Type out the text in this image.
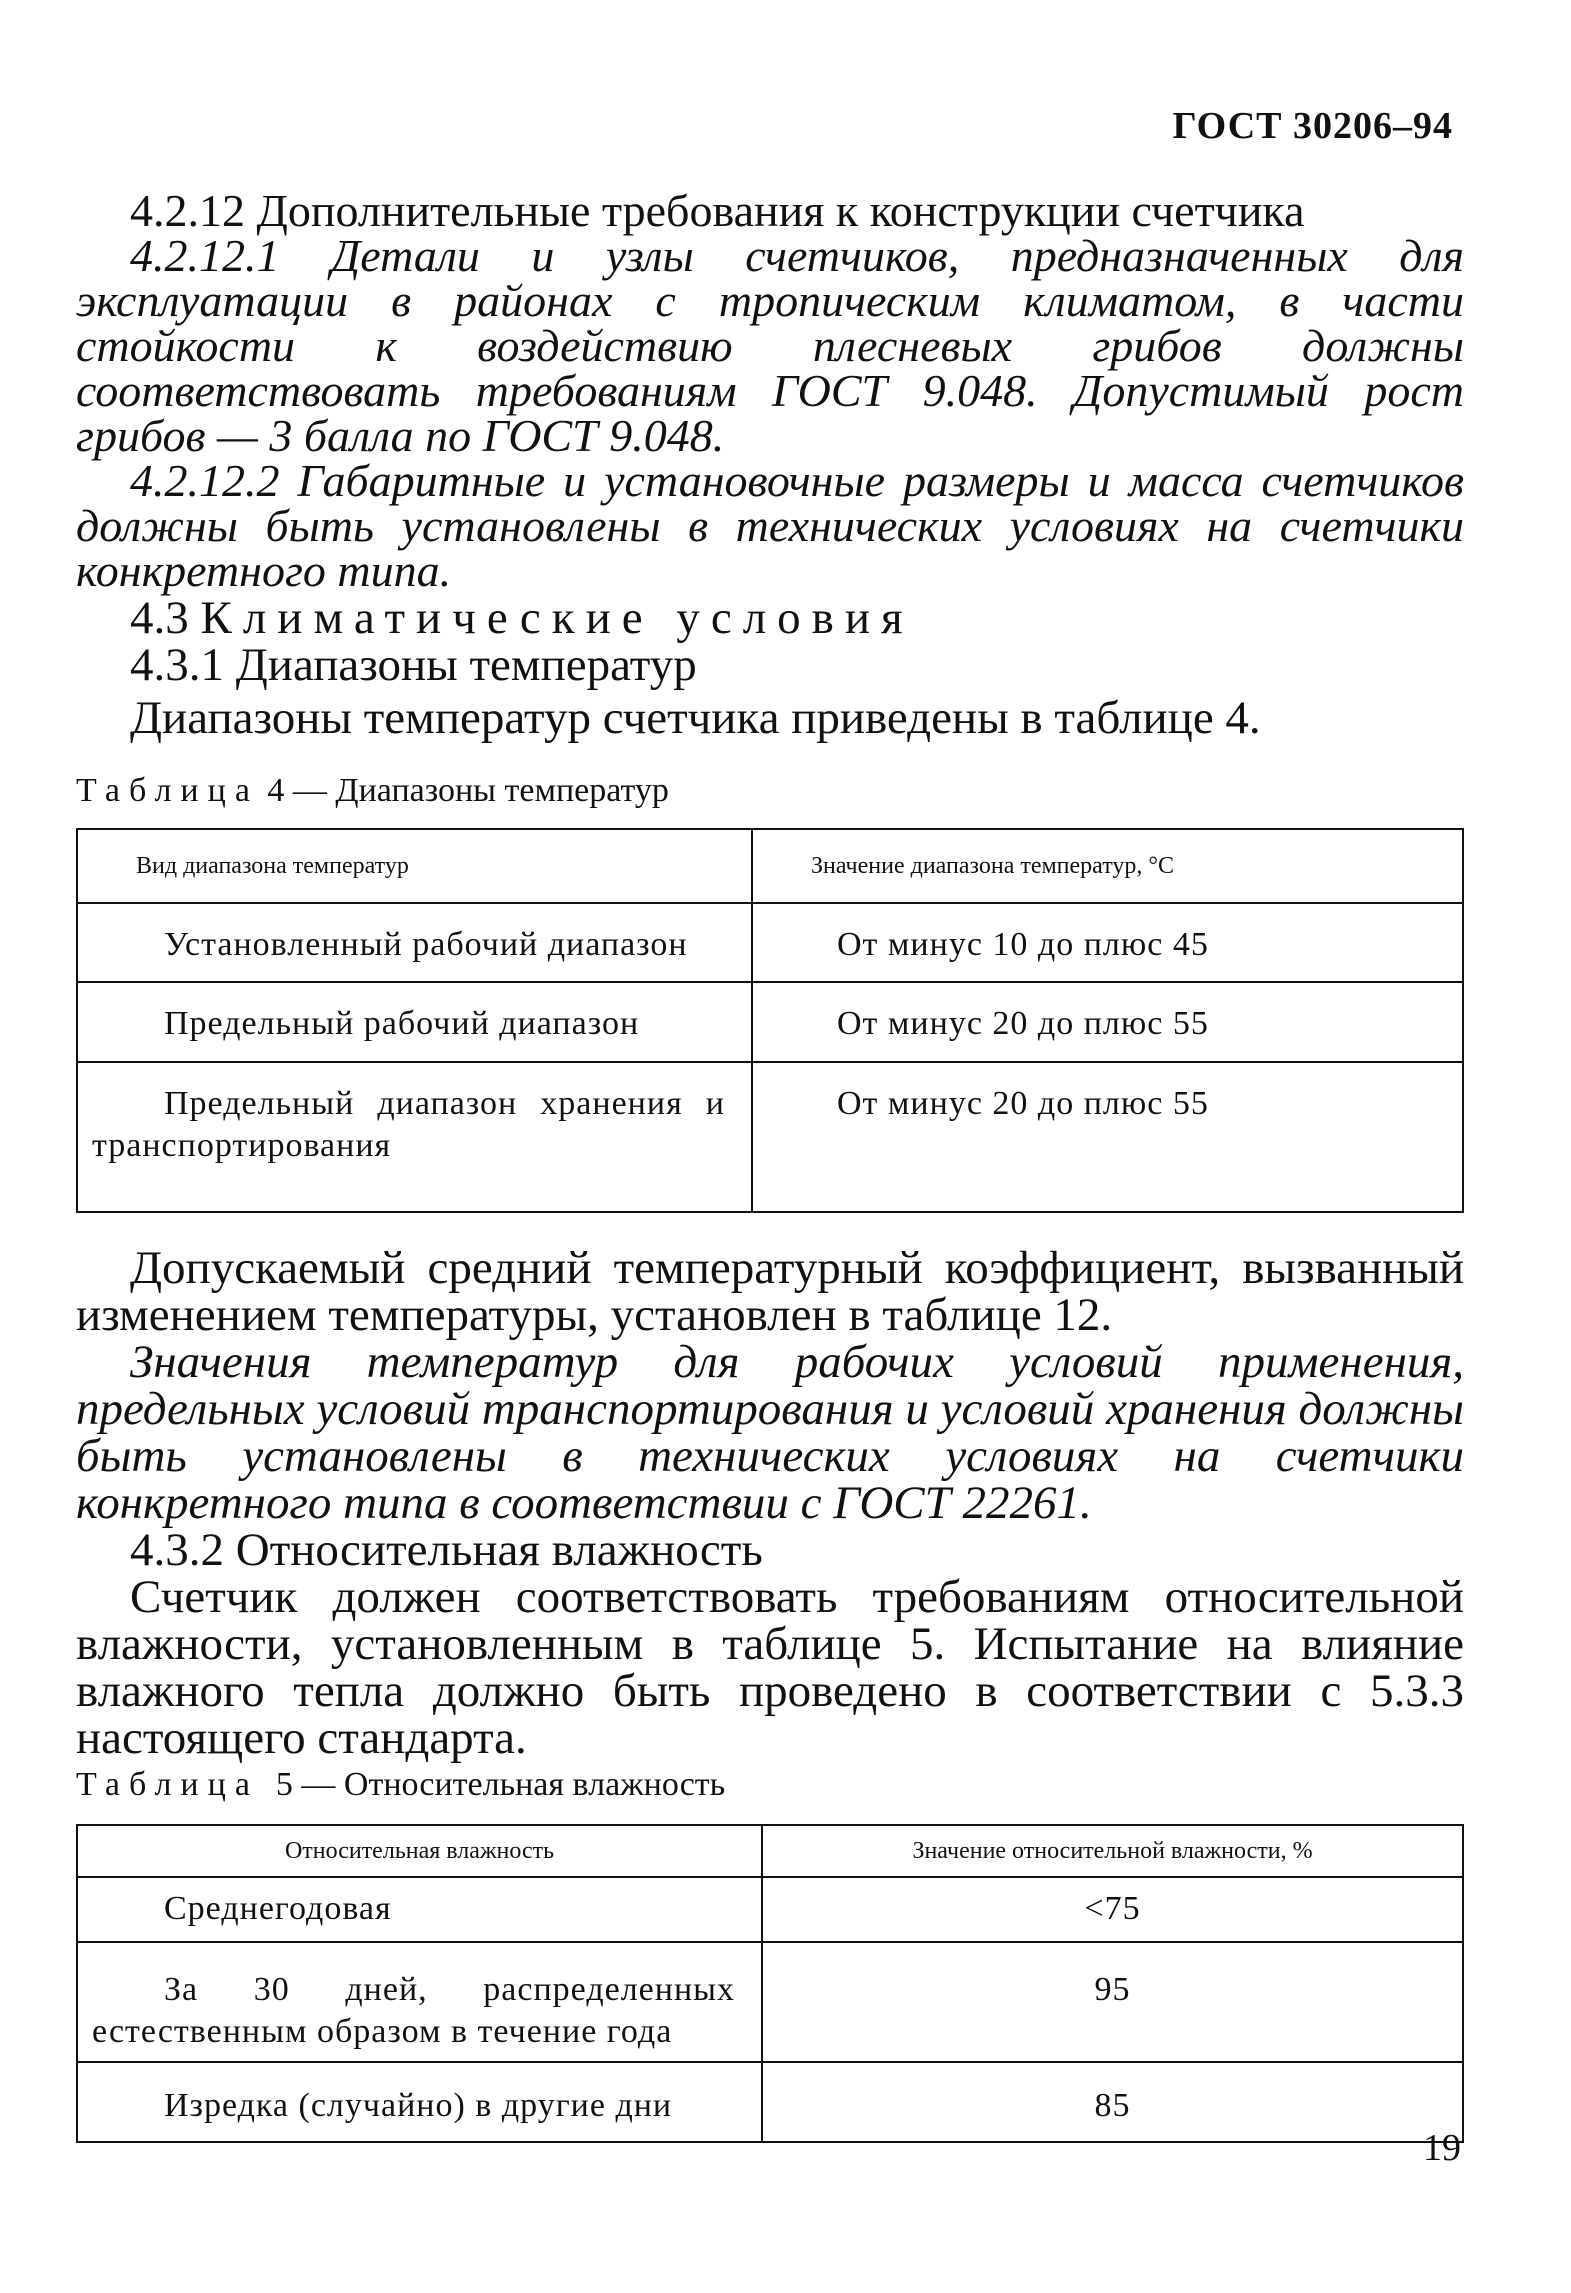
ГОСТ 30206–94

4.2.12 Дополнительные требования к конструкции счетчика

4.2.12.1 Детали и узлы счетчиков, предназначенных для эксплуатации в районах с тропическим климатом, в части стойкости к воздействию плесневых грибов должны соответствовать требованиям ГОСТ 9.048. Допустимый рост грибов — 3 балла по ГОСТ 9.048.

4.2.12.2 Габаритные и установочные размеры и масса счетчиков должны быть установлены в технических условиях на счетчики конкретного типа.

4.3 Климатические условия

4.3.1 Диапазоны температур

Диапазоны температур счетчика приведены в таблице 4.

Таблица 4 — Диапазоны температур

Вид диапазона температур	Значение диапазона температур, °С
Установленный рабочий диапазон	От минус 10 до плюс 45
Предельный рабочий диапазон	От минус 20 до плюс 55
Предельный диапазон хранения и транспортирования	От минус 20 до плюс 55

Допускаемый средний температурный коэффициент, вызванный изменением температуры, установлен в таблице 12.

Значения температур для рабочих условий применения, предельных условий транспортирования и условий хранения должны быть установлены в технических условиях на счетчики конкретного типа в соответствии с ГОСТ 22261.

4.3.2 Относительная влажность

Счетчик должен соответствовать требованиям относительной влажности, установленным в таблице 5. Испытание на влияние влажного тепла должно быть проведено в соответствии с 5.3.3 настоящего стандарта.

Таблица 5 — Относительная влажность

Относительная влажность	Значение относительной влажности, %
Среднегодовая	<75
За 30 дней, распределенных естественным образом в течение года	95
Изредка (случайно) в другие дни	85
19
